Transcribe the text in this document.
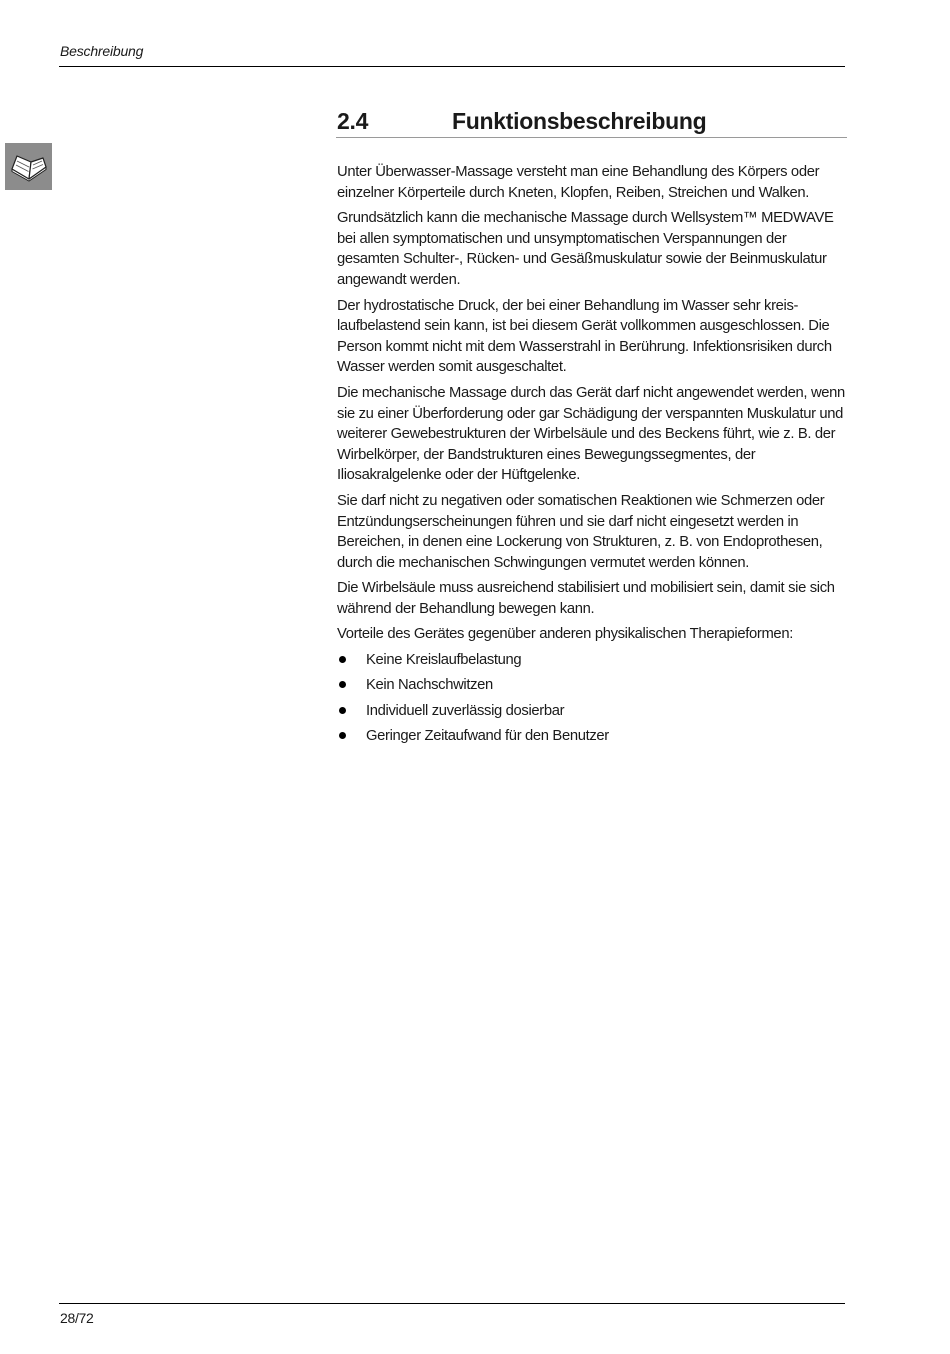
Beschreibung
2.4	Funktionsbeschreibung

Unter Überwasser-Massage versteht man eine Behandlung des Körpers oder einzelner Körperteile durch Kneten, Klopfen, Reiben, Streichen und Walken.

Grundsätzlich kann die mechanische Massage durch Wellsystem™ MEDWAVE bei allen symptomatischen und unsymptomatischen Verspannungen der gesamten Schulter-, Rücken- und Gesäßmuskulatur sowie der Beinmuskulatur angewandt werden.

Der hydrostatische Druck, der bei einer Behandlung im Wasser sehr kreislaufbelastend sein kann, ist bei diesem Gerät vollkommen ausgeschlossen. Die Person kommt nicht mit dem Wasserstrahl in Berührung. Infektionsrisiken durch Wasser werden somit ausgeschaltet.

Die mechanische Massage durch das Gerät darf nicht angewendet werden, wenn sie zu einer Überforderung oder gar Schädigung der verspannten Muskulatur und weiterer Gewebestrukturen der Wirbelsäule und des Beckens führt, wie z. B. der Wirbelkörper, der Bandstrukturen eines Bewegungssegmentes, der Iliosakralgelenke oder der Hüftgelenke.

Sie darf nicht zu negativen oder somatischen Reaktionen wie Schmerzen oder Entzündungserscheinungen führen und sie darf nicht eingesetzt werden in Bereichen, in denen eine Lockerung von Strukturen, z. B. von Endoprothesen, durch die mechanischen Schwingungen vermutet werden können.

Die Wirbelsäule muss ausreichend stabilisiert und mobilisiert sein, damit sie sich während der Behandlung bewegen kann.

Vorteile des Gerätes gegenüber anderen physikalischen Therapieformen:

Keine Kreislaufbelastung
Kein Nachschwitzen
Individuell zuverlässig dosierbar
Geringer Zeitaufwand für den Benutzer
28/72
